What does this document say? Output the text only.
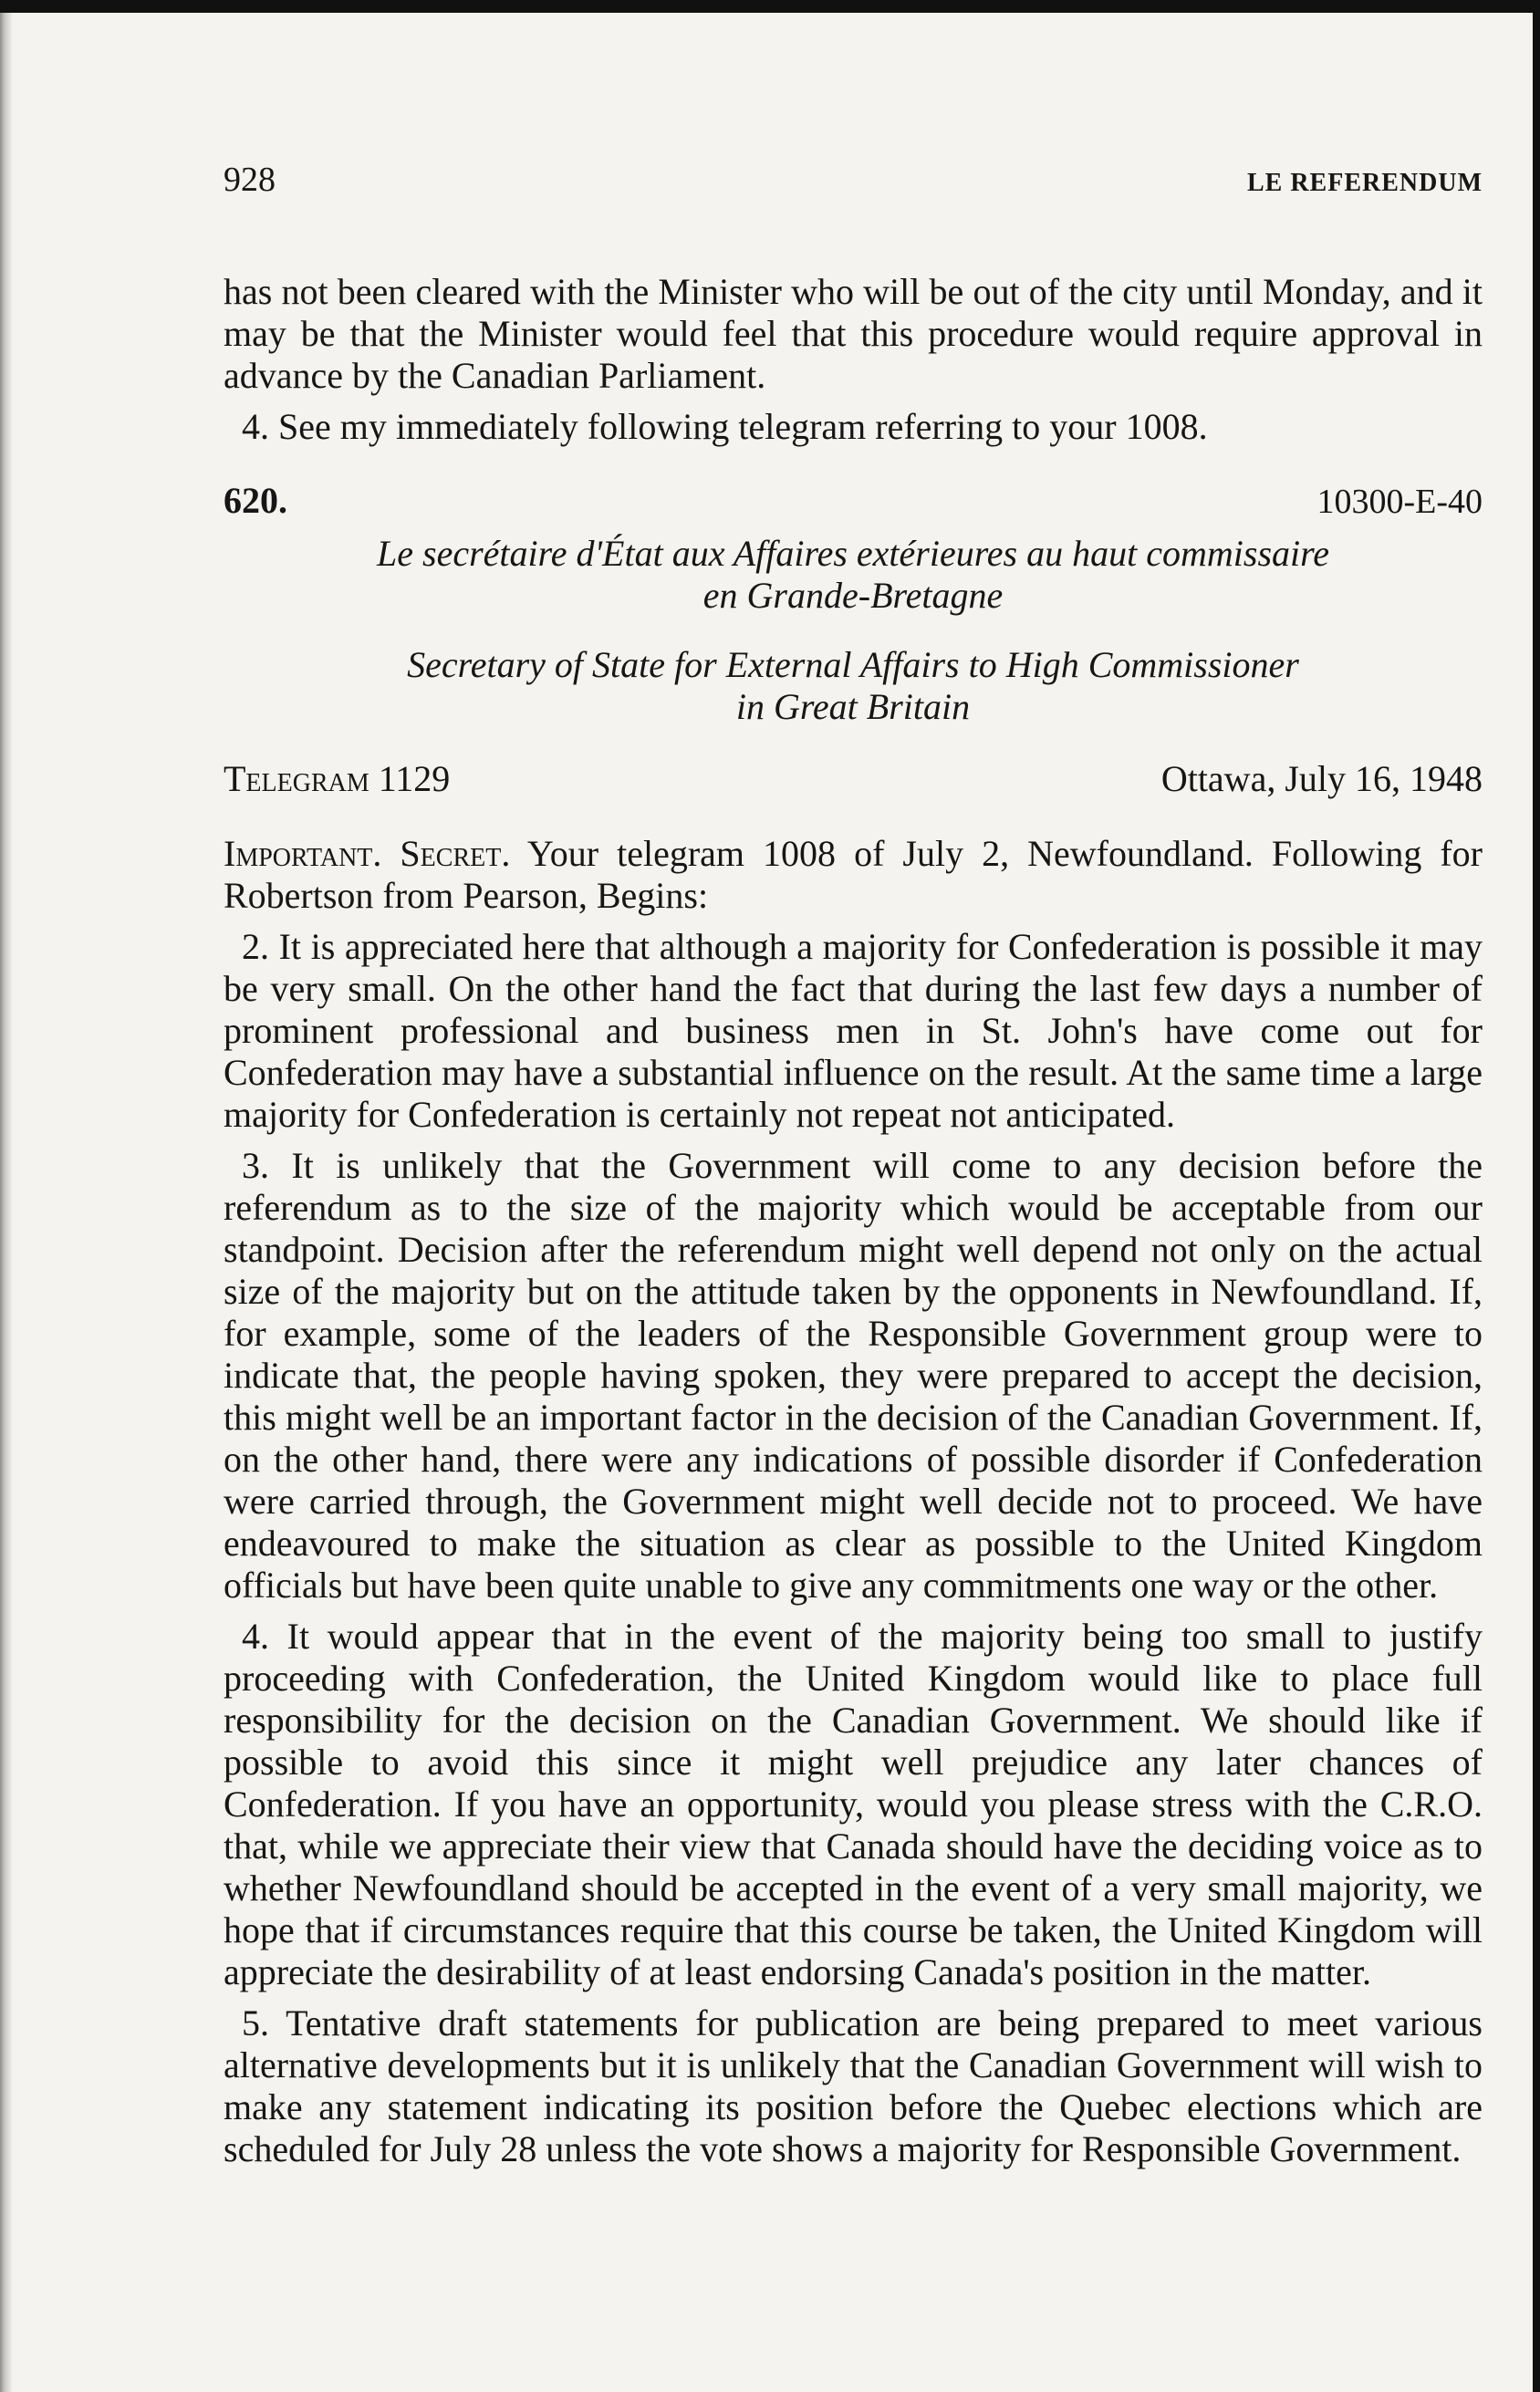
928	LE REFERENDUM

has not been cleared with the Minister who will be out of the city until Monday, and it may be that the Minister would feel that this procedure would require approval in advance by the Canadian Parliament.

4. See my immediately following telegram referring to your 1008.

620.	10300-E-40
Le secrétaire d'État aux Affaires extérieures au haut commissaire
en Grande-Bretagne
Secretary of State for External Affairs to High Commissioner
in Great Britain
Telegram 1129	Ottawa, July 16, 1948

Important. Secret. Your telegram 1008 of July 2, Newfoundland. Following for Robertson from Pearson, Begins:

2. It is appreciated here that although a majority for Confederation is possible it may be very small. On the other hand the fact that during the last few days a number of prominent professional and business men in St. John's have come out for Confederation may have a substantial influence on the result. At the same time a large majority for Confederation is certainly not repeat not anticipated.

3. It is unlikely that the Government will come to any decision before the referendum as to the size of the majority which would be acceptable from our standpoint. Decision after the referendum might well depend not only on the actual size of the majority but on the attitude taken by the opponents in Newfoundland. If, for example, some of the leaders of the Responsible Government group were to indicate that, the people having spoken, they were prepared to accept the decision, this might well be an important factor in the decision of the Canadian Government. If, on the other hand, there were any indications of possible disorder if Confederation were carried through, the Government might well decide not to proceed. We have endeavoured to make the situation as clear as possible to the United Kingdom officials but have been quite unable to give any commitments one way or the other.

4. It would appear that in the event of the majority being too small to justify proceeding with Confederation, the United Kingdom would like to place full responsibility for the decision on the Canadian Government. We should like if possible to avoid this since it might well prejudice any later chances of Confederation. If you have an opportunity, would you please stress with the C.R.O. that, while we appreciate their view that Canada should have the deciding voice as to whether Newfoundland should be accepted in the event of a very small majority, we hope that if circumstances require that this course be taken, the United Kingdom will appreciate the desirability of at least endorsing Canada's position in the matter.

5. Tentative draft statements for publication are being prepared to meet various alternative developments but it is unlikely that the Canadian Government will wish to make any statement indicating its position before the Quebec elections which are scheduled for July 28 unless the vote shows a majority for Responsible Government.
